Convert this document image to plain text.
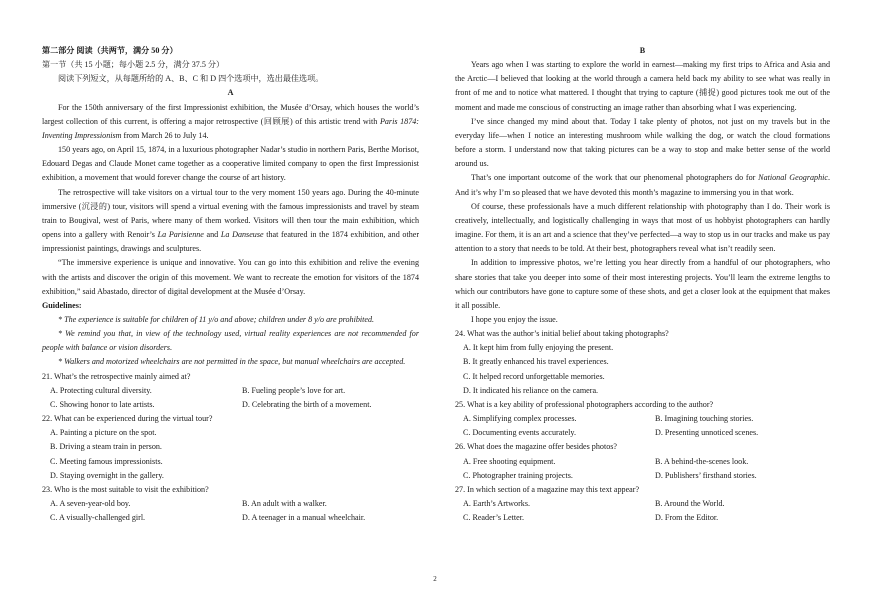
第二部分 阅读（共两节，满分 50 分）

第一节（共 15 小题；每小题 2.5 分，满分 37.5 分）

阅读下列短文，从每题所给的 A、B、C 和 D 四个选项中，选出最佳选项。

A

For the 150th anniversary of the first Impressionist exhibition, the Musée d’Orsay, which houses the world’s largest collection of this current, is offering a major retrospective (回顾展) of this artistic trend with Paris 1874: Inventing Impressionism from March 26 to July 14.

150 years ago, on April 15, 1874, in a luxurious photographer Nadar’s studio in northern Paris, Berthe Morisot, Edouard Degas and Claude Monet came together as a cooperative limited company to open the first Impressionist exhibition, a movement that would forever change the course of art history.

The retrospective will take visitors on a virtual tour to the very moment 150 years ago. During the 40-minute immersive (沉浸的) tour, visitors will spend a virtual evening with the famous impressionists and travel by steam train to Bougival, west of Paris, where many of them worked. Visitors will then tour the main exhibition, which opens into a gallery with Renoir’s La Parisienne and La Danseuse that featured in the 1874 exhibition, and other impressionist paintings, drawings and sculptures.

“The immersive experience is unique and innovative. You can go into this exhibition and relive the evening with the artists and discover the origin of this movement. We want to recreate the emotion for visitors of the 1874 exhibition,” said Abastado, director of digital development at the Musée d’Orsay.

Guidelines:

* The experience is suitable for children of 11 y/o and above; children under 8 y/o are prohibited.

* We remind you that, in view of the technology used, virtual reality experiences are not recommended for people with balance or vision disorders.

* Walkers and motorized wheelchairs are not permitted in the space, but manual wheelchairs are accepted.

21. What’s the retrospective mainly aimed at?

A. Protecting cultural diversity.	B. Fueling people’s love for art.
C. Showing honor to late artists.	D. Celebrating the birth of a movement.

22. What can be experienced during the virtual tour?

A. Painting a picture on the spot.
B. Driving a steam train in person.
C. Meeting famous impressionists.
D. Staying overnight in the gallery.

23. Who is the most suitable to visit the exhibition?

A. A seven-year-old boy.	B. An adult with a walker.
C. A visually-challenged girl.	D. A teenager in a manual wheelchair.

B

Years ago when I was starting to explore the world in earnest—making my first trips to Africa and Asia and the Arctic—I believed that looking at the world through a camera held back my ability to see what was really in front of me and to notice what mattered. I thought that trying to capture (捕捉) good pictures took me out of the moment and made me conscious of constructing an image rather than absorbing what I was experiencing.

I’ve since changed my mind about that. Today I take plenty of photos, not just on my travels but in the everyday life—when I notice an interesting mushroom while walking the dog, or watch the cloud formations before a storm. I understand now that taking pictures can be a way to stop and make better sense of the world around us.

That’s one important outcome of the work that our phenomenal photographers do for National Geographic. And it’s why I’m so pleased that we have devoted this month’s magazine to immersing you in that work.

Of course, these professionals have a much different relationship with photography than I do. Their work is creatively, intellectually, and logistically challenging in ways that most of us hobbyist photographers can hardly imagine. For them, it is an art and a science that they’ve perfected—a way to stop us in our tracks and make us pay attention to a story that needs to be told. At their best, photographers reveal what isn’t readily seen.

In addition to impressive photos, we’re letting you hear directly from a handful of our photographers, who share stories that take you deeper into some of their most interesting projects. You’ll learn the extreme lengths to which our contributors have gone to capture some of these shots, and get a closer look at the equipment that makes it all possible.

I hope you enjoy the issue.

24. What was the author’s initial belief about taking photographs?

A. It kept him from fully enjoying the present.
B. It greatly enhanced his travel experiences.
C. It helped record unforgettable memories.
D. It indicated his reliance on the camera.

25. What is a key ability of professional photographers according to the author?

A. Simplifying complex processes.	B. Imagining touching stories.
C. Documenting events accurately.	D. Presenting unnoticed scenes.

26. What does the magazine offer besides photos?

A. Free shooting equipment.	B. A behind-the-scenes look.
C. Photographer training projects.	D. Publishers’ firsthand stories.

27. In which section of a magazine may this text appear?

A. Earth’s Artworks.	B. Around the World.
C. Reader’s Letter.	D. From the Editor.
2
